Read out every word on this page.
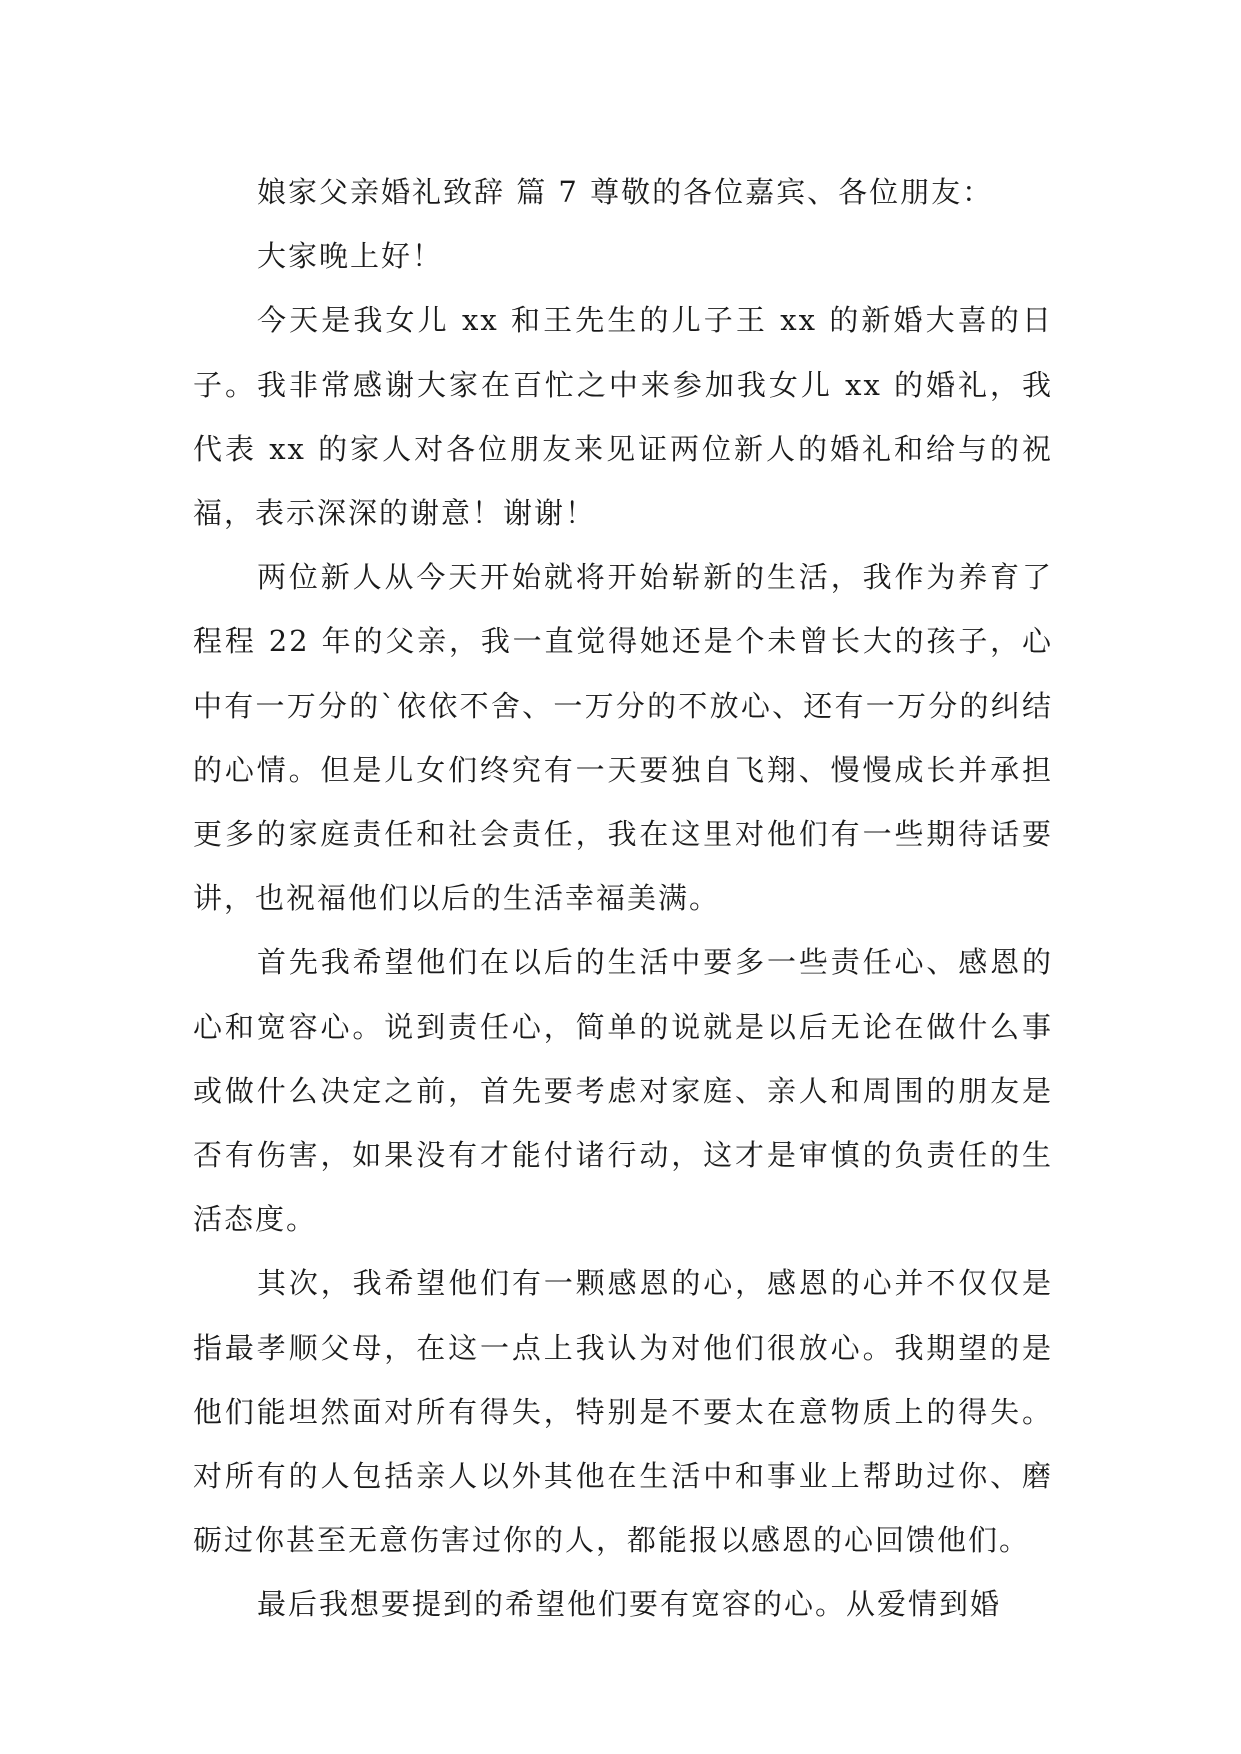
娘家父亲婚礼致辞 篇 7 尊敬的各位嘉宾、各位朋友：

大家晚上好！

今天是我女儿 xx 和王先生的儿子王 xx 的新婚大喜的日子。我非常感谢大家在百忙之中来参加我女儿 xx 的婚礼，我代表 xx 的家人对各位朋友来见证两位新人的婚礼和给与的祝福，表示深深的谢意！谢谢！

两位新人从今天开始就将开始崭新的生活，我作为养育了程程 22 年的父亲，我一直觉得她还是个未曾长大的孩子，心中有一万分的`依依不舍、一万分的不放心、还有一万分的纠结的心情。但是儿女们终究有一天要独自飞翔、慢慢成长并承担更多的家庭责任和社会责任，我在这里对他们有一些期待话要讲，也祝福他们以后的生活幸福美满。

首先我希望他们在以后的生活中要多一些责任心、感恩的心和宽容心。说到责任心，简单的说就是以后无论在做什么事或做什么决定之前，首先要考虑对家庭、亲人和周围的朋友是否有伤害，如果没有才能付诸行动，这才是审慎的负责任的生活态度。

其次，我希望他们有一颗感恩的心，感恩的心并不仅仅是指最孝顺父母，在这一点上我认为对他们很放心。我期望的是他们能坦然面对所有得失，特别是不要太在意物质上的得失。对所有的人包括亲人以外其他在生活中和事业上帮助过你、磨砺过你甚至无意伤害过你的人，都能报以感恩的心回馈他们。

最后我想要提到的希望他们要有宽容的心。从爱情到婚
